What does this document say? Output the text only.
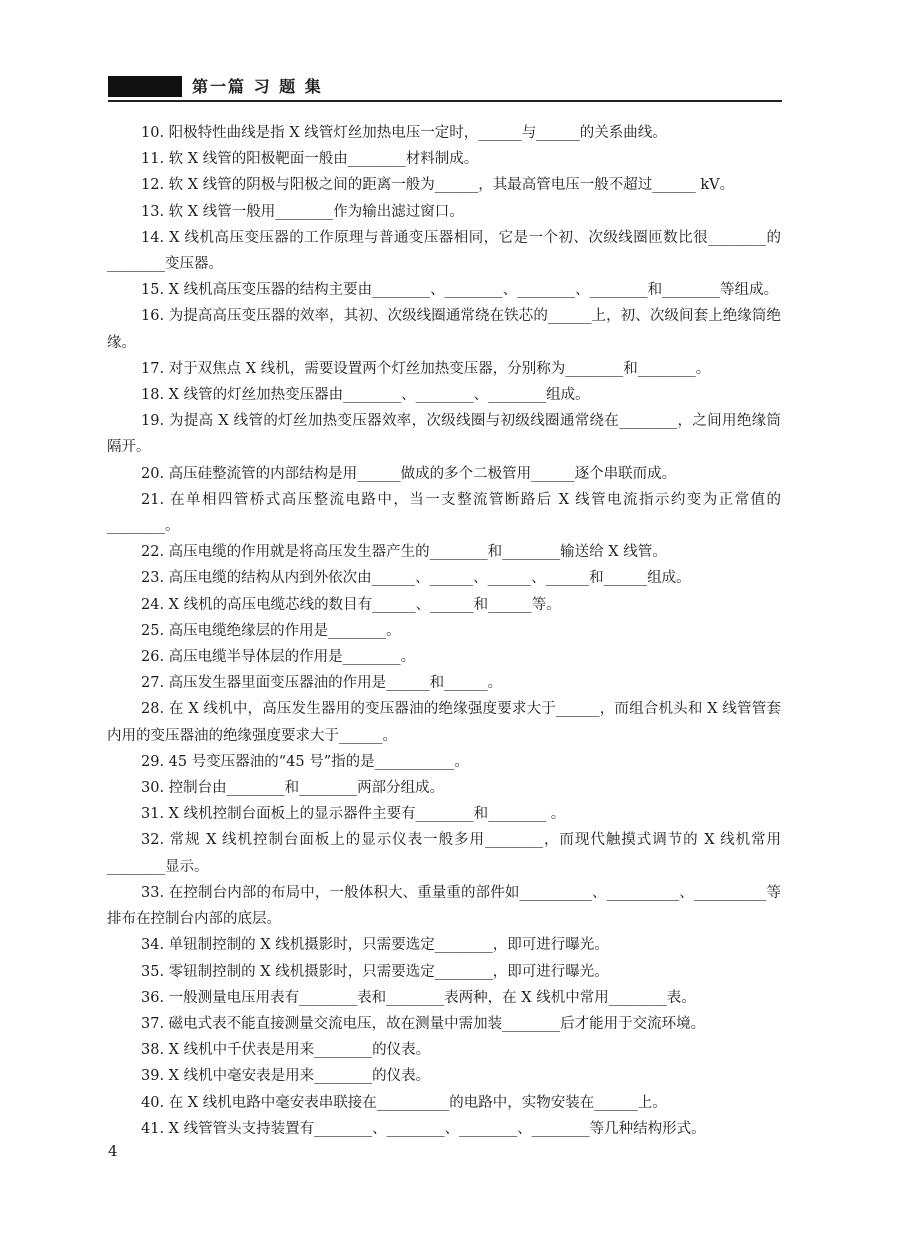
第一篇 习 题 集

10. 阳极特性曲线是指 X 线管灯丝加热电压一定时，______与______的关系曲线。

11. 软 X 线管的阳极靶面一般由________材料制成。

12. 软 X 线管的阴极与阳极之间的距离一般为______，其最高管电压一般不超过______ kV。

13. 软 X 线管一般用________作为输出滤过窗口。

14. X 线机高压变压器的工作原理与普通变压器相同，它是一个初、次级线圈匝数比很________的________变压器。

15. X 线机高压变压器的结构主要由________、________、________、________和________等组成。

16. 为提高高压变压器的效率，其初、次级线圈通常绕在铁芯的______上，初、次级间套上绝缘筒绝缘。

17. 对于双焦点 X 线机，需要设置两个灯丝加热变压器，分别称为________和________。

18. X 线管的灯丝加热变压器由________、________、________组成。

19. 为提高 X 线管的灯丝加热变压器效率，次级线圈与初级线圈通常绕在________，之间用绝缘筒隔开。

20. 高压硅整流管的内部结构是用______做成的多个二极管用______逐个串联而成。

21. 在单相四管桥式高压整流电路中，当一支整流管断路后 X 线管电流指示约变为正常值的________。

22. 高压电缆的作用就是将高压发生器产生的________和________输送给 X 线管。

23. 高压电缆的结构从内到外依次由______、______、______、______和______组成。

24. X 线机的高压电缆芯线的数目有______、______和______等。

25. 高压电缆绝缘层的作用是________。

26. 高压电缆半导体层的作用是________。

27. 高压发生器里面变压器油的作用是______和______。

28. 在 X 线机中，高压发生器用的变压器油的绝缘强度要求大于______，而组合机头和 X 线管管套内用的变压器油的绝缘强度要求大于______。

29. 45 号变压器油的“45 号”指的是___________。

30. 控制台由________和________两部分组成。

31. X 线机控制台面板上的显示器件主要有________和________ 。

32. 常规 X 线机控制台面板上的显示仪表一般多用________，而现代触摸式调节的 X 线机常用________显示。

33. 在控制台内部的布局中，一般体积大、重量重的部件如__________、__________、__________等排布在控制台内部的底层。

34. 单钮制控制的 X 线机摄影时，只需要选定________，即可进行曝光。

35. 零钮制控制的 X 线机摄影时，只需要选定________，即可进行曝光。

36. 一般测量电压用表有________表和________表两种，在 X 线机中常用________表。

37. 磁电式表不能直接测量交流电压，故在测量中需加装________后才能用于交流环境。

38. X 线机中千伏表是用来________的仪表。

39. X 线机中毫安表是用来________的仪表。

40. 在 X 线机电路中毫安表串联接在__________的电路中，实物安装在______上。

41. X 线管管头支持装置有________、________、________、________等几种结构形式。

4
